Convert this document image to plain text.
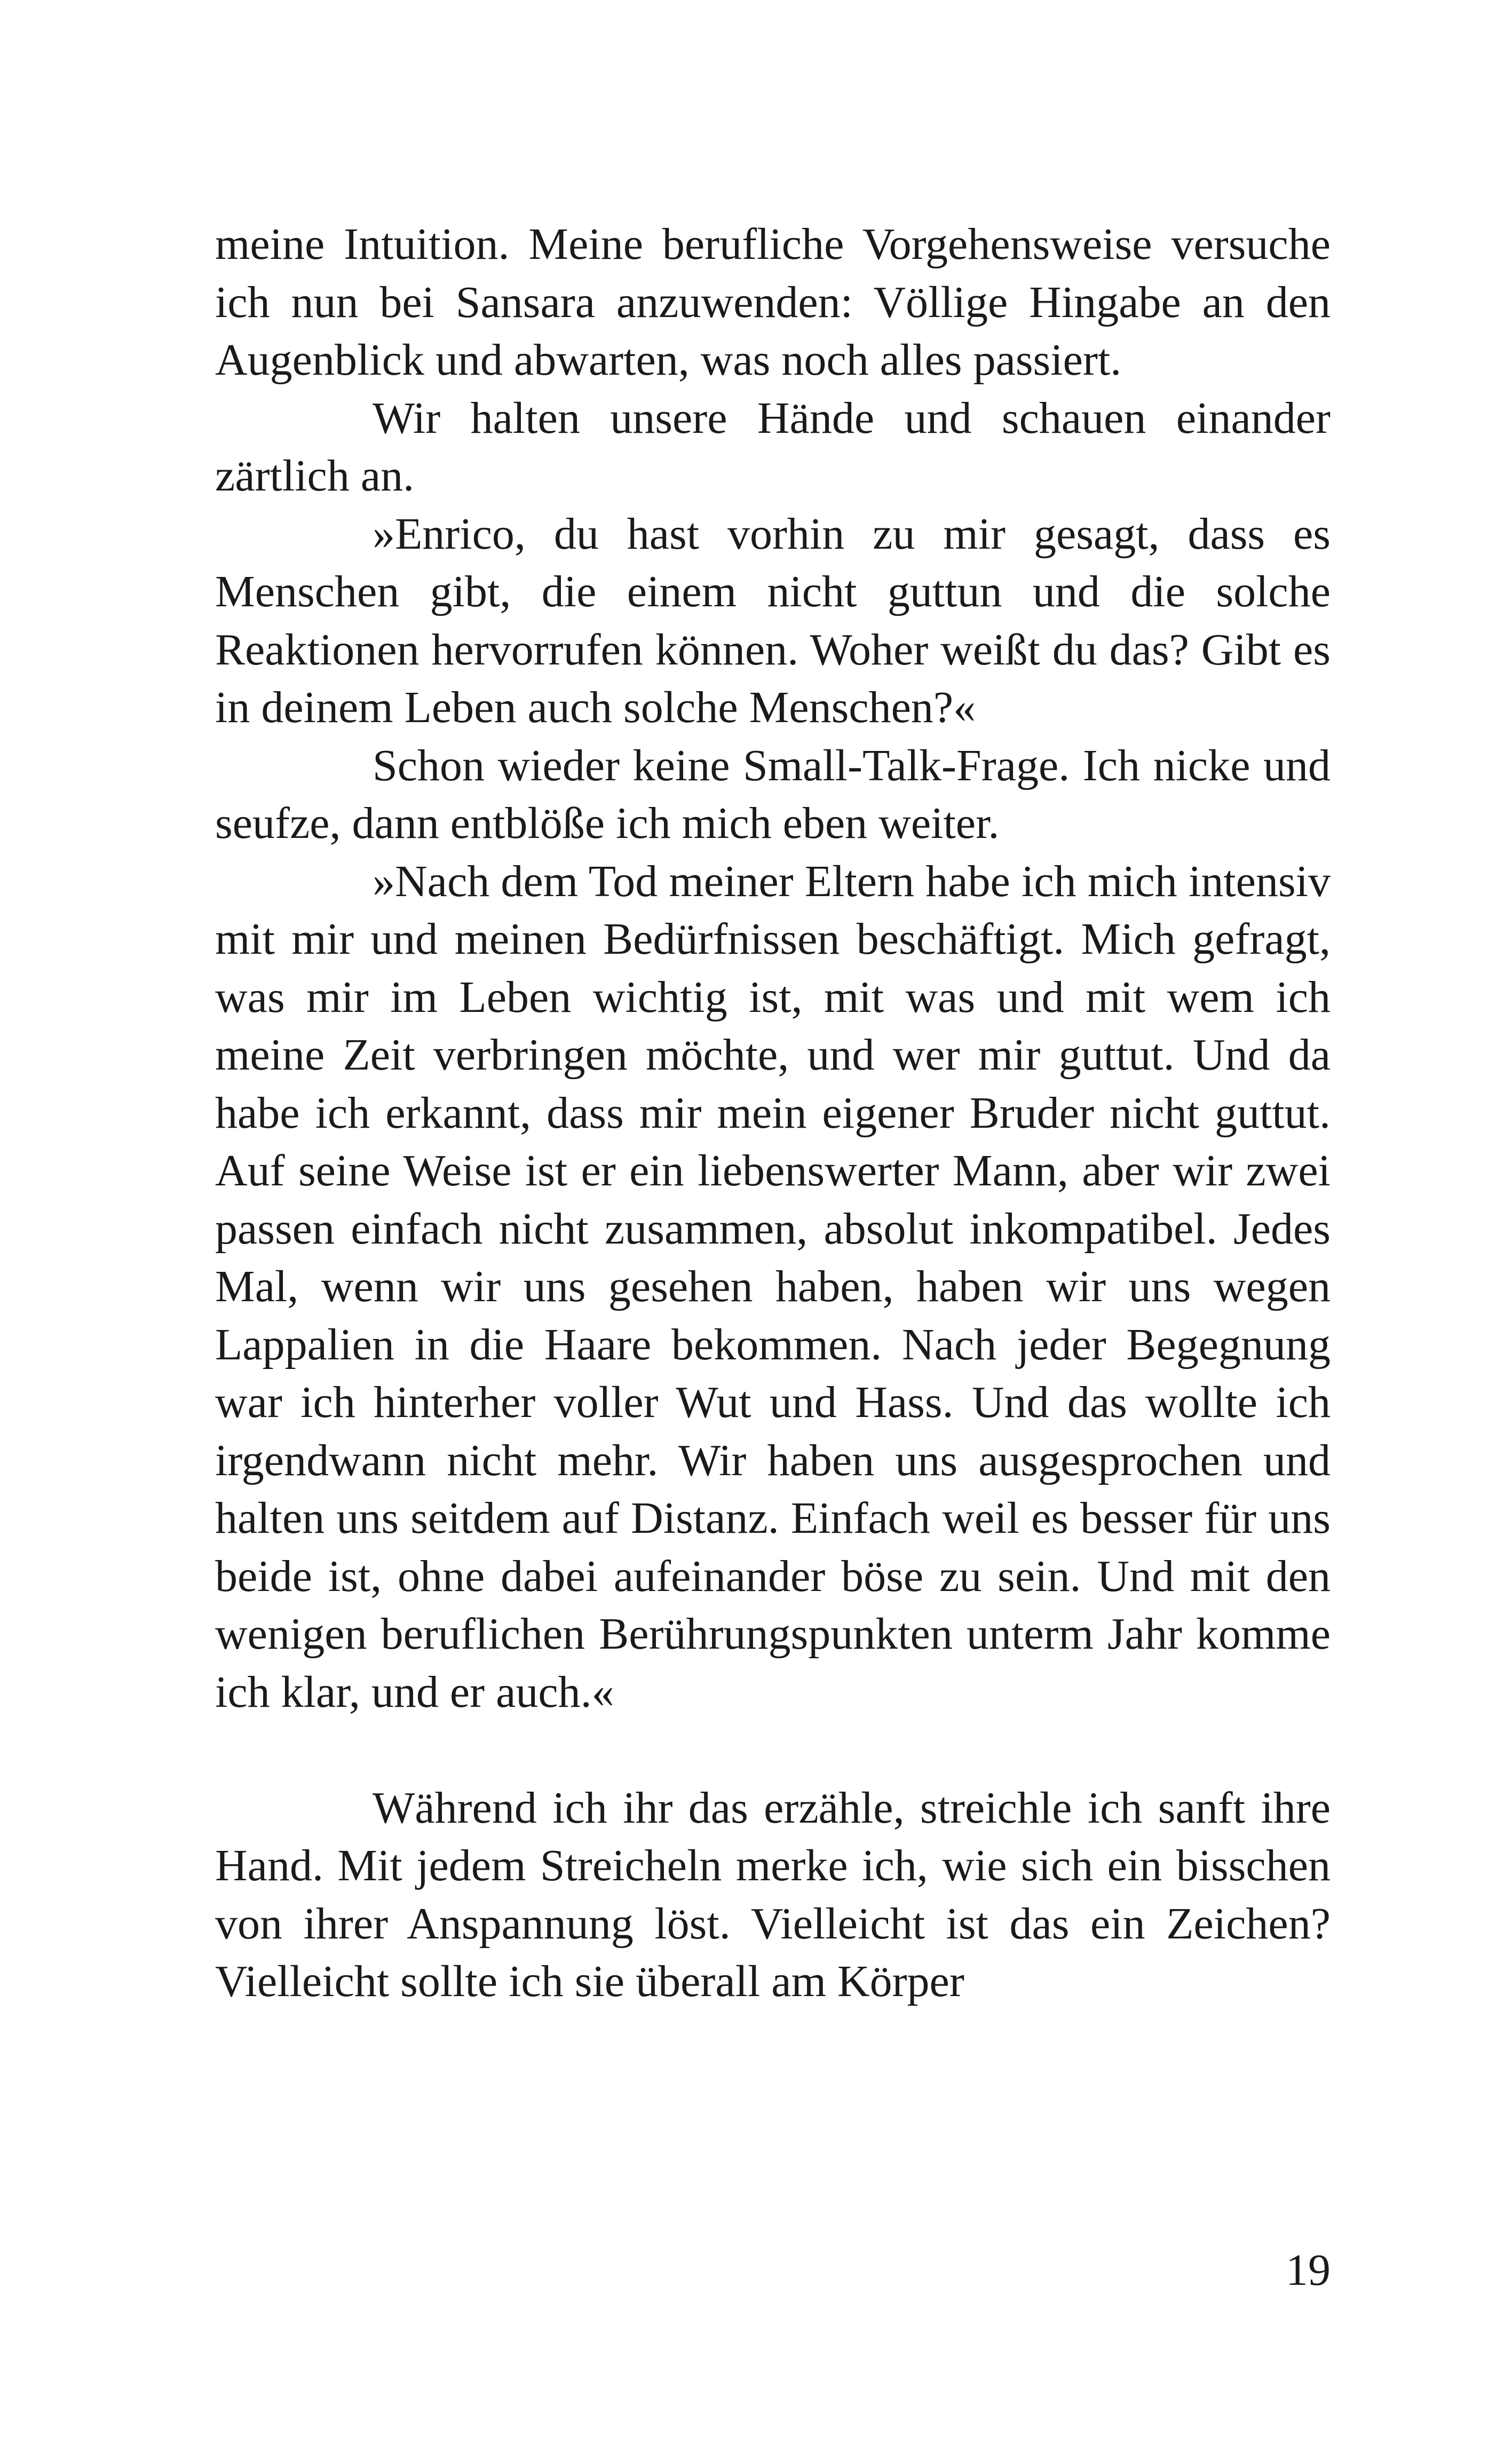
meine Intuition. Meine berufliche Vorgehensweise versuche ich nun bei Sansara anzuwenden: Völlige Hingabe an den Augenblick und abwarten, was noch alles passiert.

Wir halten unsere Hände und schauen einander zärtlich an.

»Enrico, du hast vorhin zu mir gesagt, dass es Menschen gibt, die einem nicht guttun und die solche Reaktionen hervorrufen können. Woher weißt du das? Gibt es in deinem Leben auch solche Menschen?«

Schon wieder keine Small-Talk-Frage. Ich nicke und seufze, dann entblöße ich mich eben weiter.

»Nach dem Tod meiner Eltern habe ich mich intensiv mit mir und meinen Bedürfnissen beschäftigt. Mich gefragt, was mir im Leben wichtig ist, mit was und mit wem ich meine Zeit verbringen möchte, und wer mir guttut. Und da habe ich erkannt, dass mir mein eigener Bruder nicht guttut. Auf seine Weise ist er ein liebenswerter Mann, aber wir zwei passen einfach nicht zusammen, absolut inkompatibel. Jedes Mal, wenn wir uns gesehen haben, haben wir uns wegen Lappalien in die Haare bekommen. Nach jeder Begegnung war ich hinterher voller Wut und Hass. Und das wollte ich irgendwann nicht mehr. Wir haben uns ausgesprochen und halten uns seitdem auf Distanz. Einfach weil es besser für uns beide ist, ohne dabei aufeinander böse zu sein. Und mit den wenigen beruflichen Berührungspunkten unterm Jahr komme ich klar, und er auch.«

Während ich ihr das erzähle, streichle ich sanft ihre Hand. Mit jedem Streicheln merke ich, wie sich ein bisschen von ihrer Anspannung löst. Vielleicht ist das ein Zeichen? Vielleicht sollte ich sie überall am Körper

19
